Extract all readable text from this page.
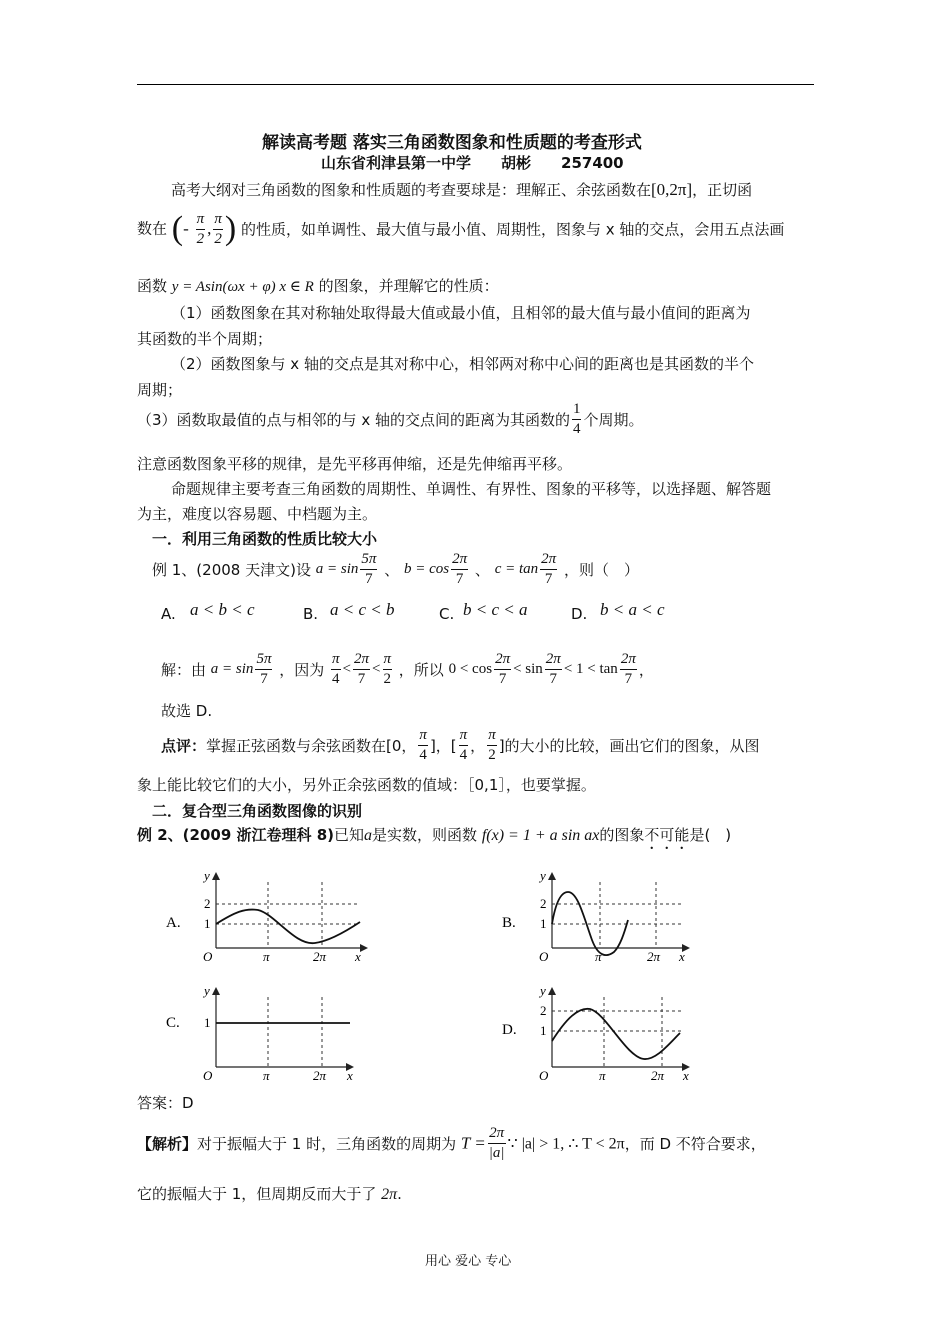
解读高考题 落实三角函数图象和性质题的考查形式
山东省利津县第一中学　　胡彬　　257400
高考大纲对三角函数的图象和性质题的考查要球是：理解正、余弦函数在[0,2π]，正切函
数在 (- $\frac{\pi}{2}$ , $\frac{\pi}{2}$ ) 的性质，如单调性、最大值与最小值、周期性，图象与 x 轴的交点，会用五点法画
函数 y = Asin(ωx + φ) x ∈ R 的图象，并理解它的性质：
（1）函数图象在其对称轴处取得最大值或最小值，且相邻的最大值与最小值间的距离为
其函数的半个周期；
（2）函数图象与 x 轴的交点是其对称中心，相邻两对称中心间的距离也是其函数的半个
周期；
（3）函数取最值的点与相邻的与 x 轴的交点间的距离为其函数的 $\frac{1}{4}$ 个周期。
注意函数图象平移的规律，是先平移再伸缩，还是先伸缩再平移。
命题规律主要考查三角函数的周期性、单调性、有界性、图象的平移等，以选择题、解答题
为主，难度以容易题、中档题为主。
一．利用三角函数的性质比较大小
例 1、(2008 天津文)设 $a = \sin \frac{5\pi}{7}$ 、 $b = \cos \frac{2\pi}{7}$ 、 $c = \tan \frac{2\pi}{7}$ ，则（　）
A. a < b < c	B. a < c < b	C. b < c < a	D. b < a < c
解：由 $a = \sin \frac{5\pi}{7}$ ，因为 $\frac{\pi}{4} < \frac{2\pi}{7} < \frac{\pi}{2}$ ，所以 $0 < \cos \frac{2\pi}{7} < \sin \frac{2\pi}{7} < 1 < \tan \frac{2\pi}{7}$ ，
故选 D.
点评：掌握正弦函数与余弦函数在[0， $\frac{\pi}{4}$ ]，[ $\frac{\pi}{4}$ ， $\frac{\pi}{2}$ ]的大小的比较，画出它们的图象，从图
象上能比较它们的大小，另外正余弦函数的值域：［0,1］，也要掌握。
二．复合型三角函数图像的识别
例 2、(2009 浙江卷理科 8)已知a是实数，则函数 f(x) = 1 + a sin ax的图象不可能是(　)
A.
y
2
1
O	π	2π x
B.
y
2
1
O	π	2π x
C.
y
1
O	π	2π x
D.
y
2
1
O	π	2π x
答案：D
【解析】对于振幅大于 1 时，三角函数的周期为 $T = \frac{2\pi}{|a|}$ ∵ |a| > 1, ∴ T < 2π，而 D 不符合要求，
它的振幅大于 1，但周期反而大于了 2π.
用心 爱心 专心
